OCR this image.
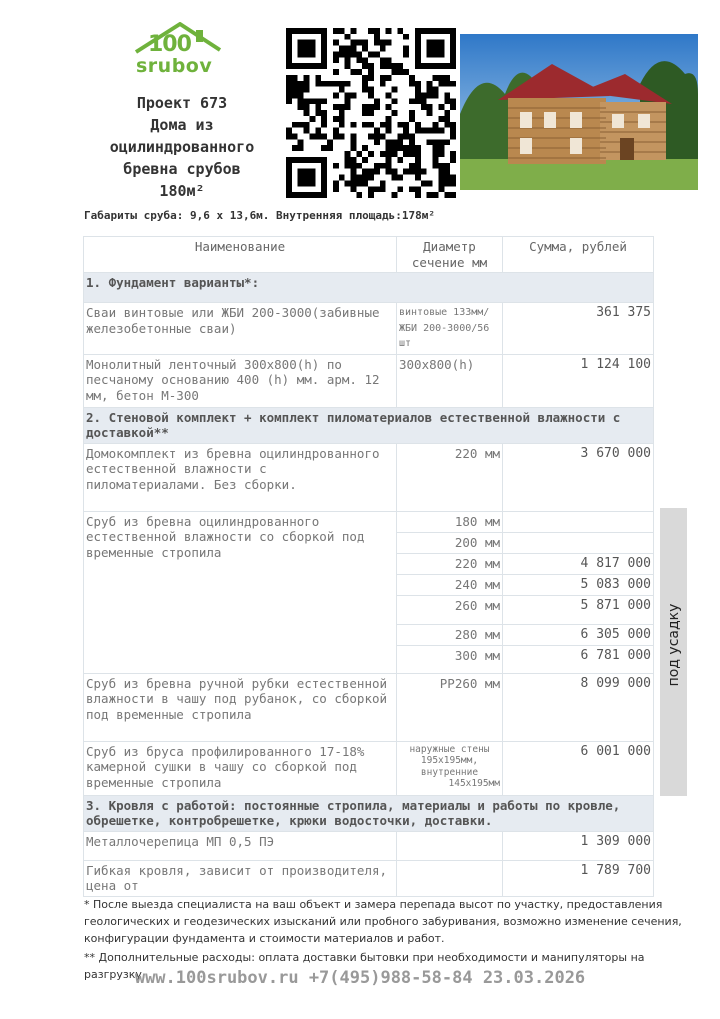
100
srubov
Проект 673
Дома из
оцилиндрованного
бревна срубов
180м²
Габариты сруба: 9,6 х 13,6м. Внутренняя площадь:178м²
Наименование	Диаметр сечение мм	Сумма, рублей
1. Фундамент варианты*:		
Сваи винтовые или ЖБИ 200-3000(забивные железобетонные сваи)	винтовые 133мм/ЖБИ 200-3000/56 шт	361 375
Монолитный ленточный 300x800(h) по песчаному основанию 400 (h) мм. арм. 12 мм, бетон М-300	300x800(h)	1 124 100
2. Стеновой комплект + комплект пиломатериалов естественной влажности с доставкой**		
Домокомплект из бревна оцилиндрованного естественной влажности с пиломатериалами. Без сборки.	220 мм	3 670 000
Сруб из бревна оцилиндрованного естественной влажности со сборкой под временные стропила	180 мм	
	200 мм	
	220 мм	4 817 000
	240 мм	5 083 000
	260 мм	5 871 000
	280 мм	6 305 000
	300 мм	6 781 000
Сруб из бревна ручной рубки естественной влажности в чашу под рубанок, со сборкой под временные стропила	РР260 мм	8 099 000
Сруб из бруса профилированного 17-18% камерной сушки в чашу со сборкой под временные стропила	наружные стены
195x195мм,
внутренние
145x195мм	6 001 000
3. Кровля с работой: постоянные стропила, материалы и работы по кровле, обрешетке, контробрешетке, крюки водосточки, доставки.		
Металлочерепица МП 0,5 ПЭ		1 309 000
Гибкая кровля, зависит от производителя, цена от		1 789 700
под усадку
* После выезда специалиста на ваш объект и замера перепада высот по участку, предоставления геологических и геодезических изысканий или пробного забуривания, возможно изменение сечения, конфигурации фундамента и стоимости материалов и работ.
** Дополнительные расходы: оплата доставки бытовки при необходимости и манипуляторы на разгрузку.
www.100srubov.ru +7(495)988-58-84 23.03.2026
